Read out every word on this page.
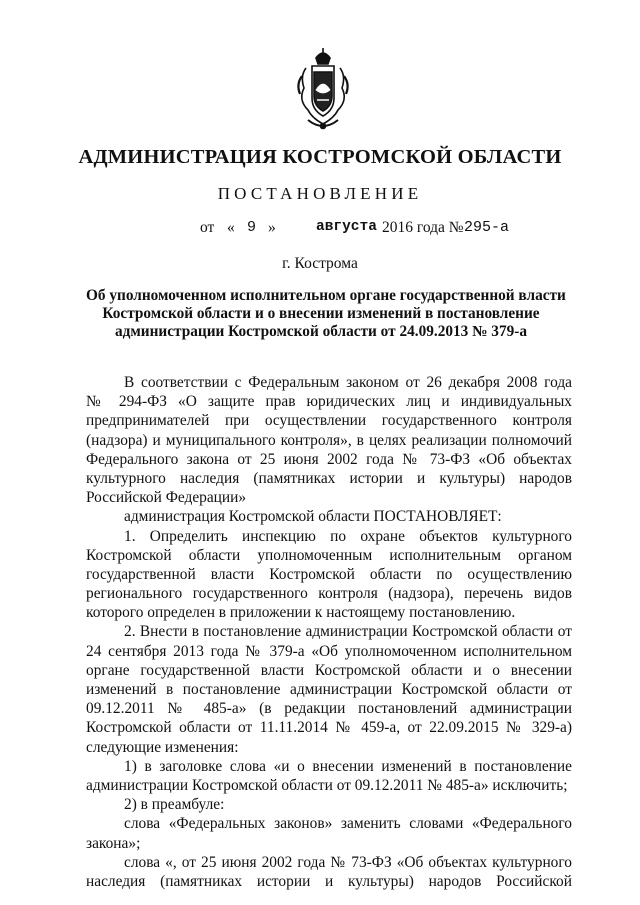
АДМИНИСТРАЦИЯ КОСТРОМСКОЙ ОБЛАСТИ
ПОСТАНОВЛЕНИЕ
от « 9 »	августа 2016 года № 295-а
г. Кострома
Об уполномоченном исполнительном органе государственной власти
Костромской области и о внесении изменений в постановление
администрации Костромской области от 24.09.2013 № 379-а
В соответствии с Федеральным законом от 26 декабря 2008 года
№ 294-ФЗ «О защите прав юридических лиц и индивидуальных
предпринимателей при осуществлении государственного контроля
(надзора) и муниципального контроля», в целях реализации полномочий
Федерального закона от 25 июня 2002 года № 73-ФЗ «Об объектах
культурного наследия (памятниках истории и культуры) народов
Российской Федерации»
администрация Костромской области ПОСТАНОВЛЯЕТ:
1. Определить инспекцию по охране объектов культурного
Костромской области уполномоченным исполнительным органом
государственной власти Костромской области по осуществлению
регионального государственного контроля (надзора), перечень видов
которого определен в приложении к настоящему постановлению.
2. Внести в постановление администрации Костромской области от
24 сентября 2013 года № 379-а «Об уполномоченном исполнительном
органе государственной власти Костромской области и о внесении
изменений в постановление администрации Костромской области от
09.12.2011 № 485-а» (в редакции постановлений администрации
Костромской области от 11.11.2014 № 459-а, от 22.09.2015 № 329-а)
следующие изменения:
1) в заголовке слова «и о внесении изменений в постановление
администрации Костромской области от 09.12.2011 № 485-а» исключить;
2) в преамбуле:
слова «Федеральных законов» заменить словами «Федерального
закона»;
слова «, от 25 июня 2002 года № 73-ФЗ «Об объектах культурного
наследия (памятниках истории и культуры) народов Российской
